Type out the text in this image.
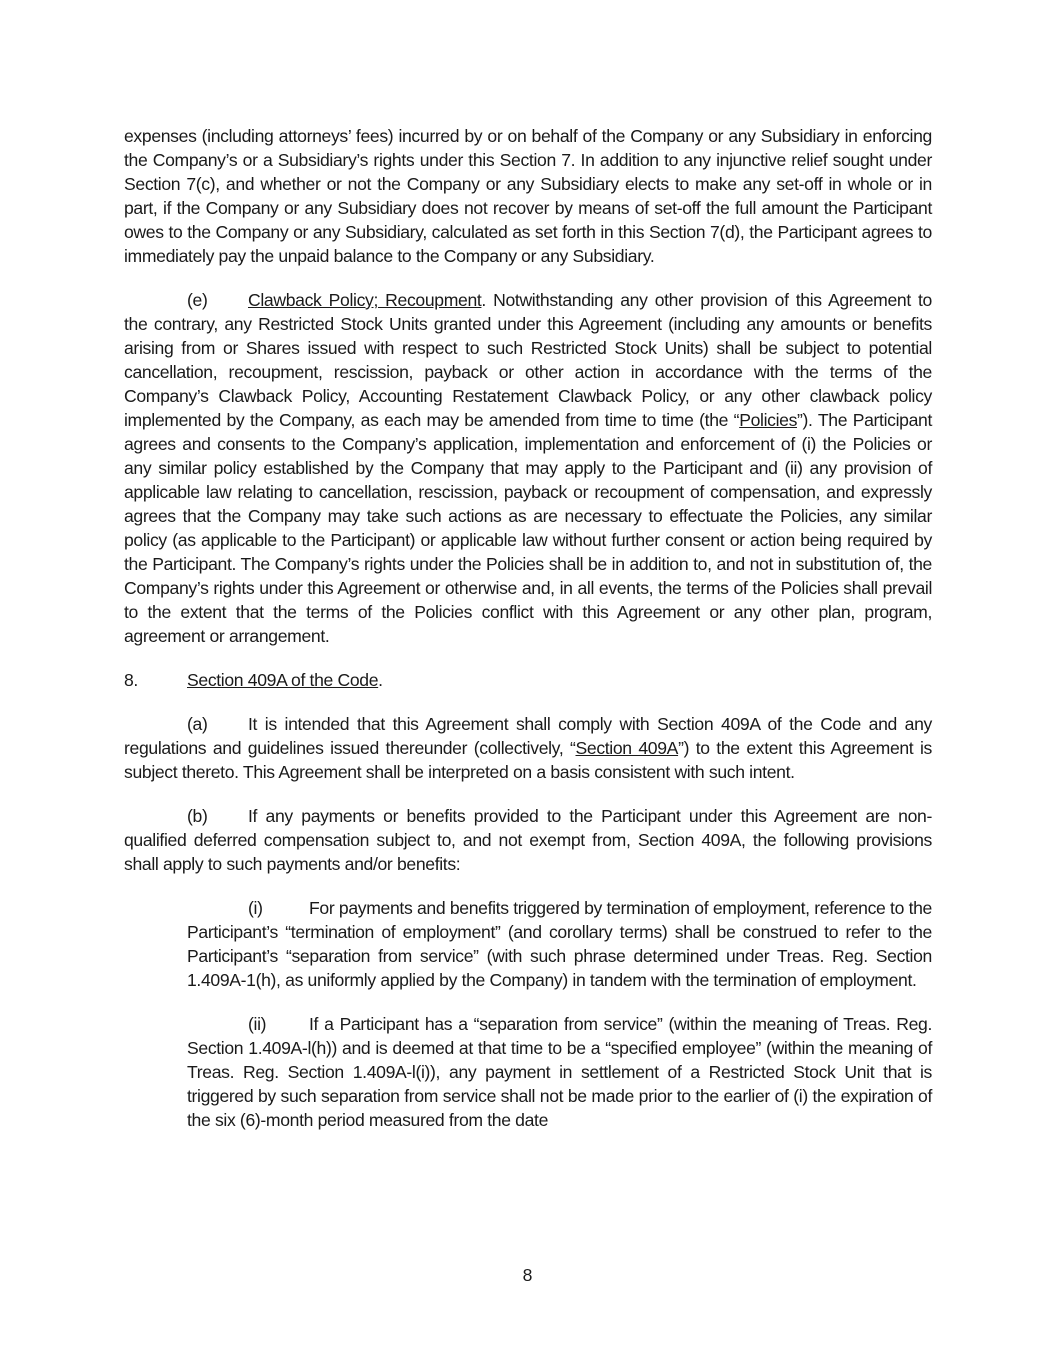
expenses (including attorneys’ fees) incurred by or on behalf of the Company or any Subsidiary in enforcing the Company’s or a Subsidiary’s rights under this Section 7. In addition to any injunctive relief sought under Section 7(c), and whether or not the Company or any Subsidiary elects to make any set-off in whole or in part, if the Company or any Subsidiary does not recover by means of set-off the full amount the Participant owes to the Company or any Subsidiary, calculated as set forth in this Section 7(d), the Participant agrees to immediately pay the unpaid balance to the Company or any Subsidiary.

(e) Clawback Policy; Recoupment. Notwithstanding any other provision of this Agreement to the contrary, any Restricted Stock Units granted under this Agreement (including any amounts or benefits arising from or Shares issued with respect to such Restricted Stock Units) shall be subject to potential cancellation, recoupment, rescission, payback or other action in accordance with the terms of the Company’s Clawback Policy, Accounting Restatement Clawback Policy, or any other clawback policy implemented by the Company, as each may be amended from time to time (the “Policies”). The Participant agrees and consents to the Company’s application, implementation and enforcement of (i) the Policies or any similar policy established by the Company that may apply to the Participant and (ii) any provision of applicable law relating to cancellation, rescission, payback or recoupment of compensation, and expressly agrees that the Company may take such actions as are necessary to effectuate the Policies, any similar policy (as applicable to the Participant) or applicable law without further consent or action being required by the Participant. The Company’s rights under the Policies shall be in addition to, and not in substitution of, the Company’s rights under this Agreement or otherwise and, in all events, the terms of the Policies shall prevail to the extent that the terms of the Policies conflict with this Agreement or any other plan, program, agreement or arrangement.

8.	Section 409A of the Code.

(a) It is intended that this Agreement shall comply with Section 409A of the Code and any regulations and guidelines issued thereunder (collectively, “Section 409A”) to the extent this Agreement is subject thereto. This Agreement shall be interpreted on a basis consistent with such intent.

(b) If any payments or benefits provided to the Participant under this Agreement are non-qualified deferred compensation subject to, and not exempt from, Section 409A, the following provisions shall apply to such payments and/or benefits:

(i)	For payments and benefits triggered by termination of employment, reference to the Participant’s “termination of employment” (and corollary terms) shall be construed to refer to the Participant’s “separation from service” (with such phrase determined under Treas. Reg. Section 1.409A-1(h), as uniformly applied by the Company) in tandem with the termination of employment.

(ii) If a Participant has a “separation from service” (within the meaning of Treas. Reg. Section 1.409A-l(h)) and is deemed at that time to be a “specified employee” (within the meaning of Treas. Reg. Section 1.409A-l(i)), any payment in settlement of a Restricted Stock Unit that is triggered by such separation from service shall not be made prior to the earlier of (i) the expiration of the six (6)-month period measured from the date

8
